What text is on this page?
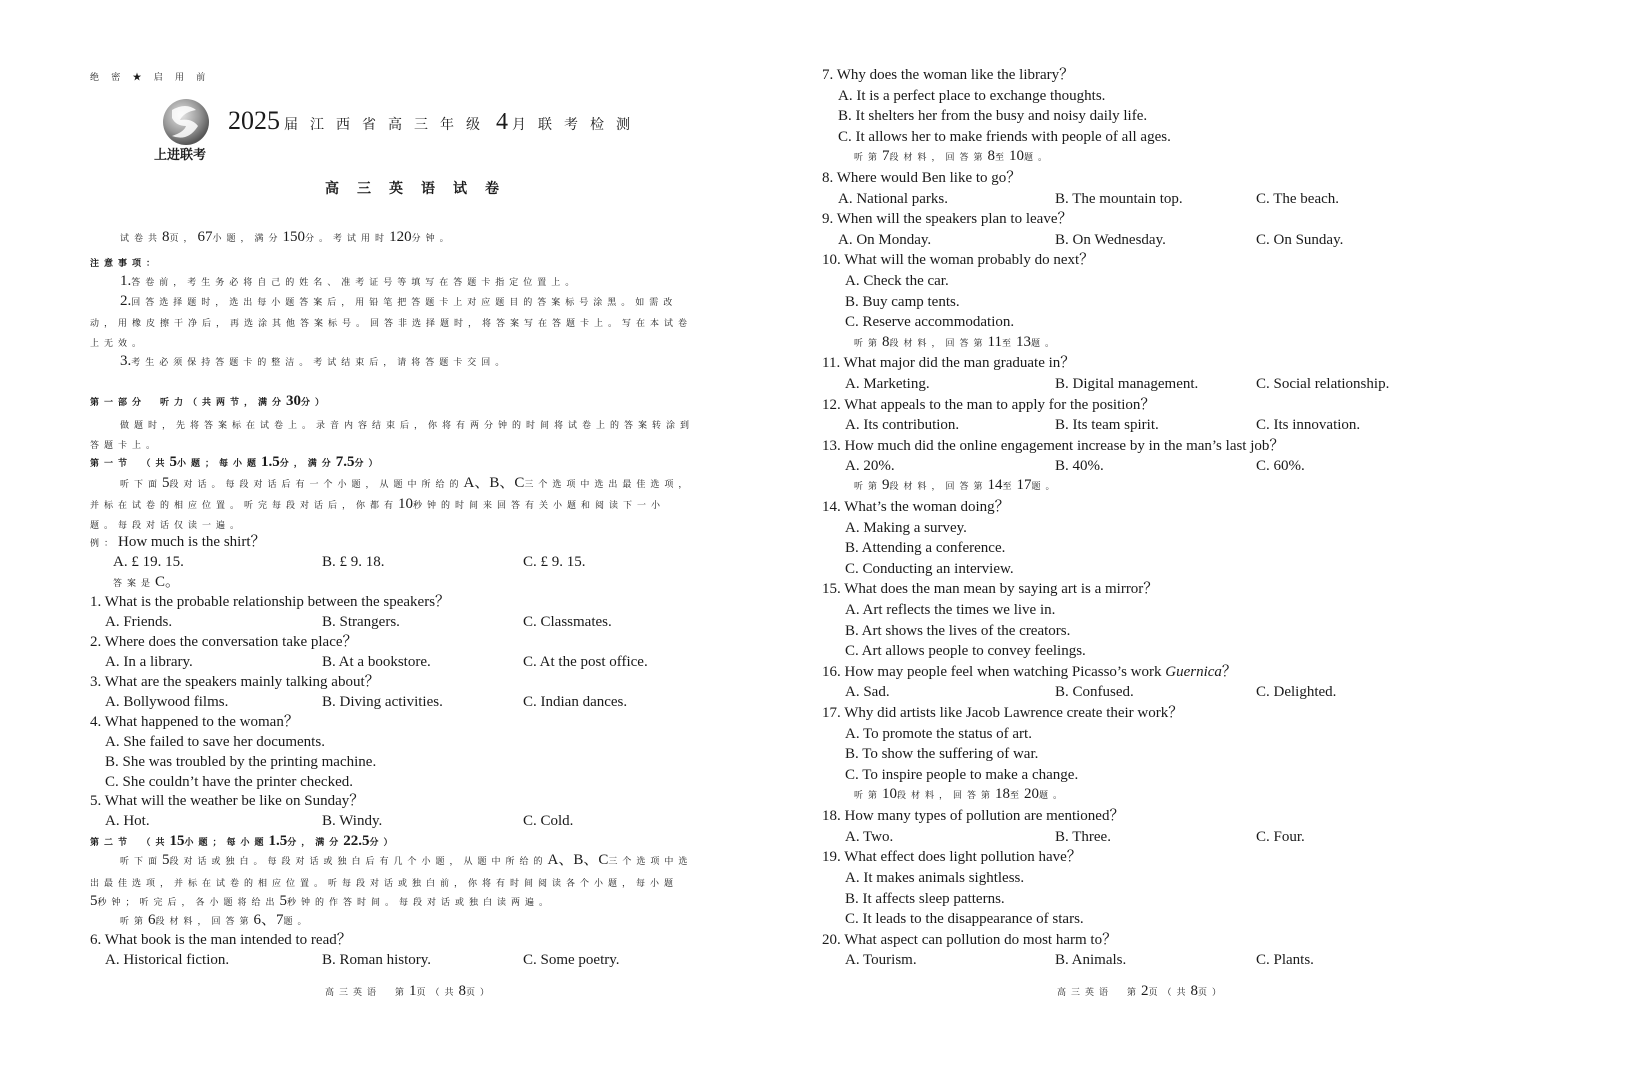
绝 密 ★ 启 用 前
上进联考
2025 届江西省高三年级 4 月联考检测
高三英语试卷
试卷共8页，67小题，满分150分。考试用时120分钟。
注意事项：
1.答卷前，考生务必将自己的姓名、准考证号等填写在答题卡指定位置上。
2.回答选择题时，选出每小题答案后，用铅笔把答题卡上对应题目的答案标号涂黑。如需改
动，用橡皮擦干净后，再选涂其他答案标号。回答非选择题时，将答案写在答题卡上。写在本试卷
上无效。
3.考生必须保持答题卡的整洁。考试结束后，请将答题卡交回。
第一部分　听力（共两节，满分30分）
做题时，先将答案标在试卷上。录音内容结束后，你将有两分钟的时间将试卷上的答案转涂到
答题卡上。
第一节　（共5小题；每小题1.5分，满分7.5分）
听下面5段对话。每段对话后有一个小题，从题中所给的A、B、C三个选项中选出最佳选项，
并标在试卷的相应位置。听完每段对话后，你都有10秒钟的时间来回答有关小题和阅读下一小
题。每段对话仅读一遍。
例：How much is the shirt？
A. £ 19. 15.	B. £ 9. 18.	C. £ 9. 15.
答案是C。
1. What is the probable relationship between the speakers？
A. Friends.	B. Strangers.	C. Classmates.
2. Where does the conversation take place？
A. In a library.	B. At a bookstore.	C. At the post office.
3. What are the speakers mainly talking about？
A. Bollywood films.	B. Diving activities.	C. Indian dances.
4. What happened to the woman？
A. She failed to save her documents.
B. She was troubled by the printing machine.
C. She couldn’t have the printer checked.
5. What will the weather be like on Sunday？
A. Hot.	B. Windy.	C. Cold.
第二节　（共15小题；每小题1.5分，满分22.5分）
听下面5段对话或独白。每段对话或独白后有几个小题，从题中所给的A、B、C三个选项中选
出最佳选项，并标在试卷的相应位置。听每段对话或独白前，你将有时间阅读各个小题，每小题
5秒钟；听完后，各小题将给出5秒钟的作答时间。每段对话或独白读两遍。
听第6段材料，回答第6、7题。
6. What book is the man intended to read？
A. Historical fiction.	B. Roman history.	C. Some poetry.
高三英语　第1页（共8页）
7. Why does the woman like the library？
A. It is a perfect place to exchange thoughts.
B. It shelters her from the busy and noisy daily life.
C. It allows her to make friends with people of all ages.
听第7段材料，回答第8至10题。
8. Where would Ben like to go？
A. National parks.	B. The mountain top.	C. The beach.
9. When will the speakers plan to leave？
A. On Monday.	B. On Wednesday.	C. On Sunday.
10. What will the woman probably do next？
A. Check the car.
B. Buy camp tents.
C. Reserve accommodation.
听第8段材料，回答第11至13题。
11. What major did the man graduate in？
A. Marketing.	B. Digital management.	C. Social relationship.
12. What appeals to the man to apply for the position？
A. Its contribution.	B. Its team spirit.	C. Its innovation.
13. How much did the online engagement increase by in the man’s last job？
A. 20%.	B. 40%.	C. 60%.
听第9段材料，回答第14至17题。
14. What’s the woman doing？
A. Making a survey.
B. Attending a conference.
C. Conducting an interview.
15. What does the man mean by saying art is a mirror？
A. Art reflects the times we live in.
B. Art shows the lives of the creators.
C. Art allows people to convey feelings.
16. How may people feel when watching Picasso’s work Guernica？
A. Sad.	B. Confused.	C. Delighted.
17. Why did artists like Jacob Lawrence create their work？
A. To promote the status of art.
B. To show the suffering of war.
C. To inspire people to make a change.
听第10段材料，回答第18至20题。
18. How many types of pollution are mentioned？
A. Two.	B. Three.	C. Four.
19. What effect does light pollution have？
A. It makes animals sightless.
B. It affects sleep patterns.
C. It leads to the disappearance of stars.
20. What aspect can pollution do most harm to？
A. Tourism.	B. Animals.	C. Plants.
高三英语　第2页（共8页）
